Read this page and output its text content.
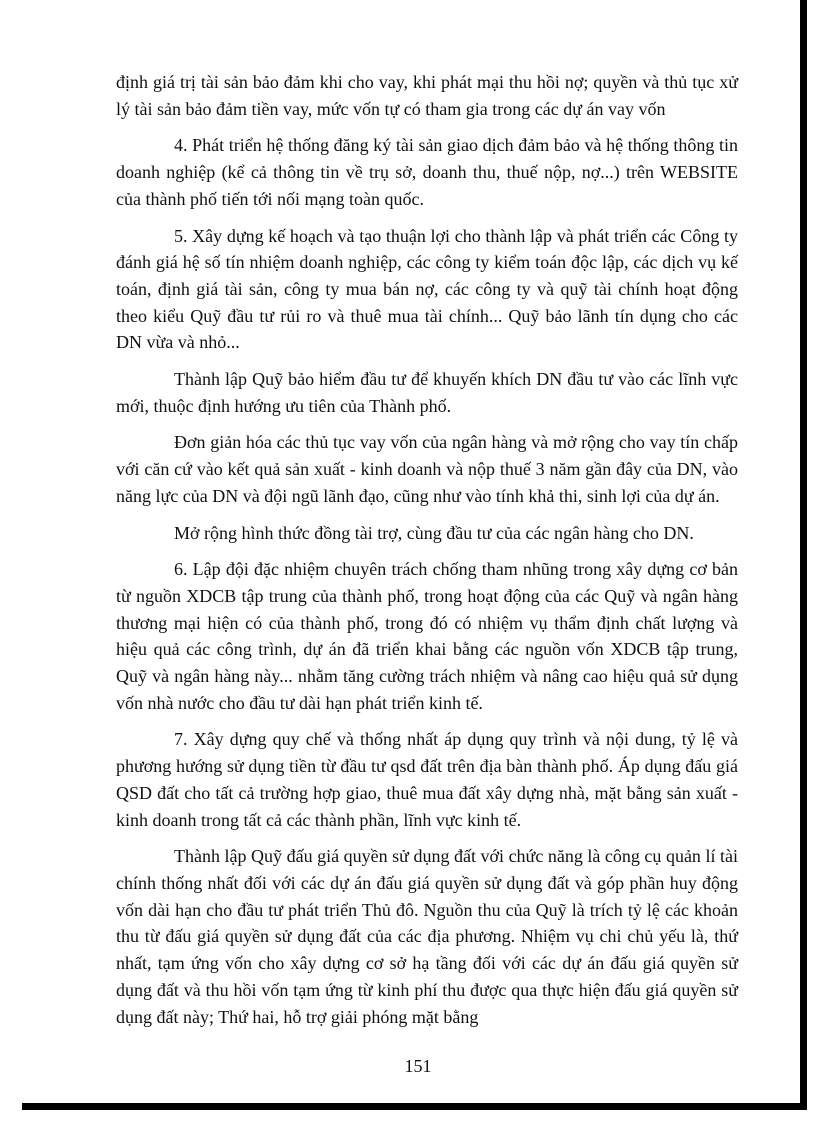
định giá trị tài sản bảo đảm khi cho vay, khi phát mại thu hồi nợ; quyền và thủ tục xử lý tài sản bảo đảm tiền vay, mức vốn tự có tham gia trong các dự án vay vốn

4. Phát triển hệ thống đăng ký tài sản giao dịch đảm bảo và hệ thống thông tin doanh nghiệp (kể cả thông tin về trụ sở, doanh thu, thuế nộp, nợ...) trên WEBSITE của thành phố tiến tới nối mạng toàn quốc.

5. Xây dựng kế hoạch và tạo thuận lợi cho thành lập và phát triển các Công ty đánh giá hệ số tín nhiệm doanh nghiệp, các công ty kiểm toán độc lập, các dịch vụ kế toán, định giá tài sản, công ty mua bán nợ, các công ty và quỹ tài chính hoạt động theo kiểu Quỹ đầu tư rủi ro và thuê mua tài chính... Quỹ bảo lãnh tín dụng cho các DN vừa và nhỏ...

Thành lập Quỹ bảo hiểm đầu tư để khuyến khích DN đầu tư vào các lĩnh vực mới, thuộc định hướng ưu tiên của Thành phố.

Đơn giản hóa các thủ tục vay vốn của ngân hàng và mở rộng cho vay tín chấp với căn cứ vào kết quả sản xuất - kinh doanh và nộp thuế 3 năm gần đây của DN, vào năng lực của DN và đội ngũ lãnh đạo, cũng như vào tính khả thi, sinh lợi của dự án.

Mở rộng hình thức đồng tài trợ, cùng đầu tư của các ngân hàng cho DN.

6. Lập đội đặc nhiệm chuyên trách chống tham nhũng trong xây dựng cơ bản từ nguồn XDCB tập trung của thành phố, trong hoạt động của các Quỹ và ngân hàng thương mại hiện có của thành phố, trong đó có nhiệm vụ thẩm định chất lượng và hiệu quả các công trình, dự án đã triển khai bằng các nguồn vốn XDCB tập trung, Quỹ và ngân hàng này... nhằm tăng cường trách nhiệm và nâng cao hiệu quả sử dụng vốn nhà nước cho đầu tư dài hạn phát triển kinh tế.

7. Xây dựng quy chế và thống nhất áp dụng quy trình và nội dung, tỷ lệ và phương hướng sử dụng tiền từ đầu tư qsd đất trên địa bàn thành phố. Áp dụng đấu giá QSD đất cho tất cả trường hợp giao, thuê mua đất xây dựng nhà, mặt bằng sản xuất - kinh doanh trong tất cả các thành phần, lĩnh vực kinh tế.

Thành lập Quỹ đấu giá quyền sử dụng đất với chức năng là công cụ quản lí tài chính thống nhất đối với các dự án đấu giá quyền sử dụng đất và góp phần huy động vốn dài hạn cho đầu tư phát triển Thủ đô. Nguồn thu của Quỹ là trích tỷ lệ các khoản thu từ đấu giá quyền sử dụng đất của các địa phương. Nhiệm vụ chi chủ yếu là, thứ nhất, tạm ứng vốn cho xây dựng cơ sở hạ tầng đối với các dự án đấu giá quyền sử dụng đất và thu hồi vốn tạm ứng từ kinh phí thu được qua thực hiện đấu giá quyền sử dụng đất này; Thứ hai, hỗ trợ giải phóng mặt bằng

151
